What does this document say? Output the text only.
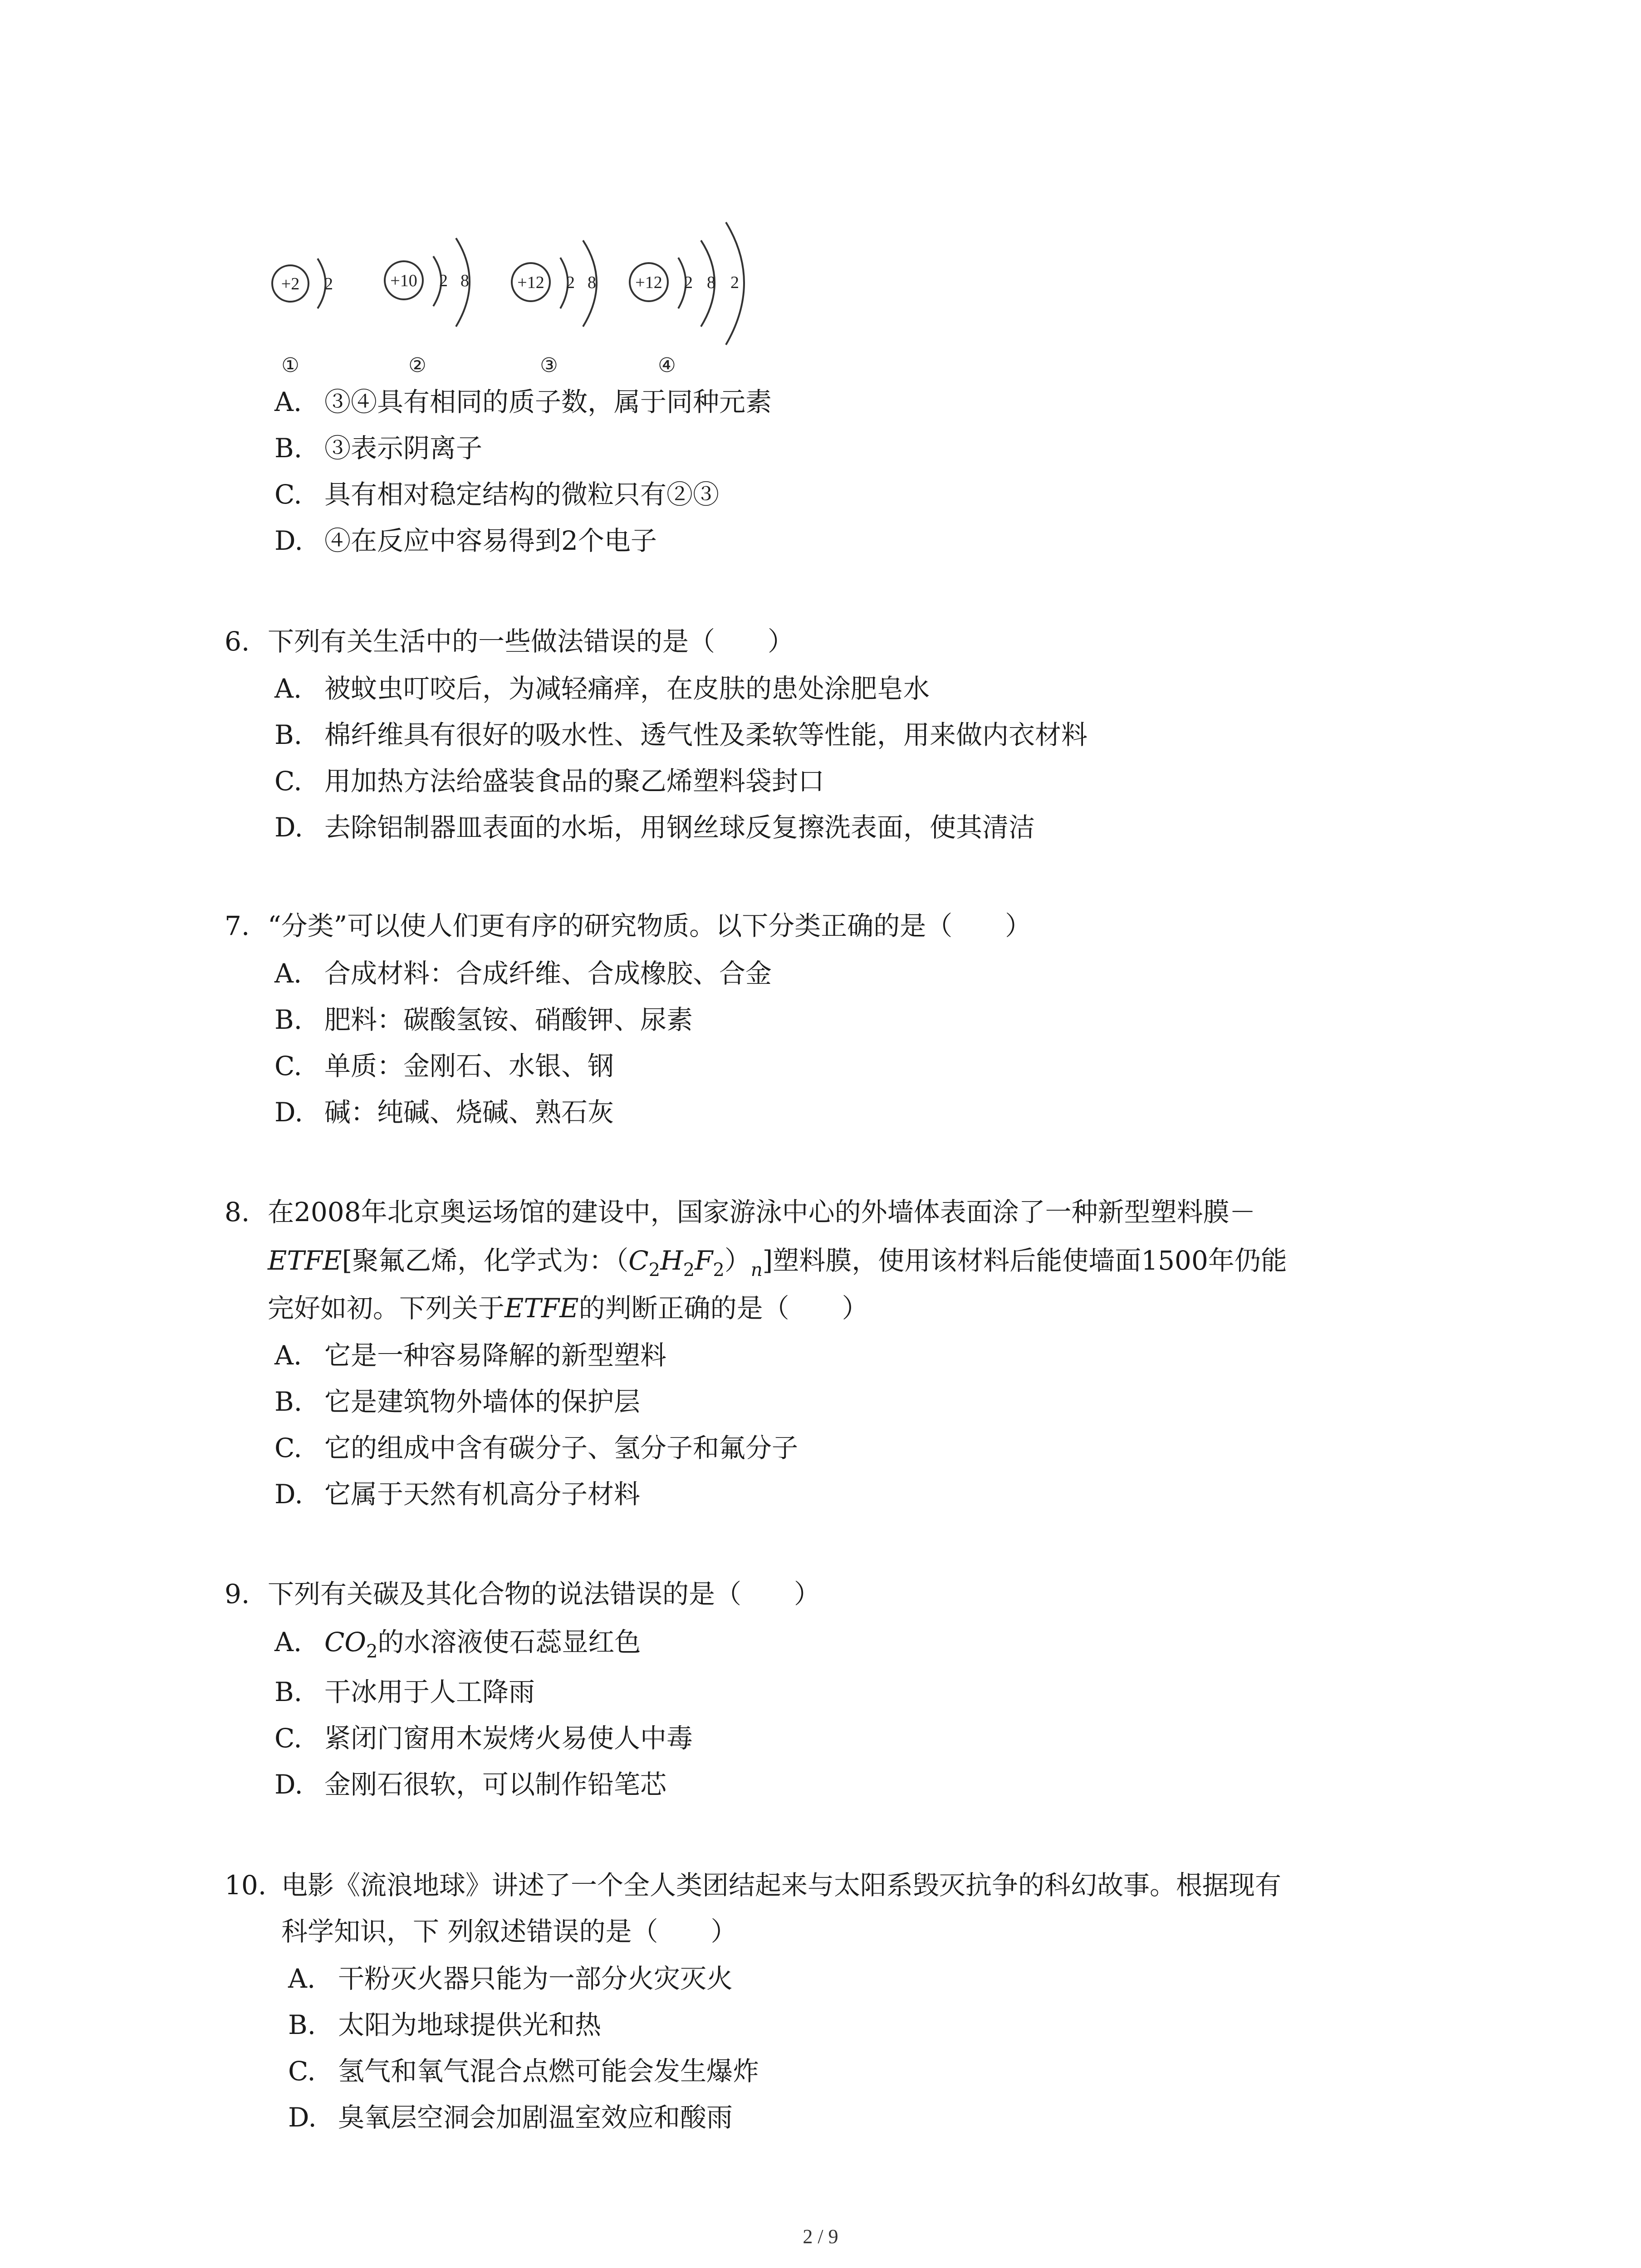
+2 2
①
+10 2 8
②
+12 2 8
③
+12 2 8 2
④
A. ③④具有相同的质子数，属于同种元素
B. ③表示阴离子
C. 具有相对稳定结构的微粒只有②③
D. ④在反应中容易得到2个电子
6. 下列有关生活中的一些做法错误的是（　　）
A. 被蚊虫叮咬后，为减轻痛痒，在皮肤的患处涂肥皂水
B. 棉纤维具有很好的吸水性、透气性及柔软等性能，用来做内衣材料
C. 用加热方法给盛装食品的聚乙烯塑料袋封口
D. 去除铝制器皿表面的水垢，用钢丝球反复擦洗表面，使其清洁
7. “分类”可以使人们更有序的研究物质。以下分类正确的是（　　）
A. 合成材料：合成纤维、合成橡胶、合金
B. 肥料：碳酸氢铵、硝酸钾、尿素
C. 单质：金刚石、水银、钢
D. 碱：纯碱、烧碱、熟石灰
8. 在2008年北京奥运场馆的建设中，国家游泳中心的外墙体表面涂了一种新型塑料膜－
ETFE[聚氟乙烯，化学式为：$(C_2H_2F_2)_n$]塑料膜，使用该材料后能使墙面1500年仍能
完好如初。下列关于ETFE的判断正确的是（　　）
A. 它是一种容易降解的新型塑料
B. 它是建筑物外墙体的保护层
C. 它的组成中含有碳分子、氢分子和氟分子
D. 它属于天然有机高分子材料
9. 下列有关碳及其化合物的说法错误的是（　　）
A. $CO_2$的水溶液使石蕊显红色
B. 干冰用于人工降雨
C. 紧闭门窗用木炭烤火易使人中毒
D. 金刚石很软，可以制作铅笔芯
10. 电影《流浪地球》讲述了一个全人类团结起来与太阳系毁灭抗争的科幻故事。根据现有
科学知识，下 列叙述错误的是（　　）
A. 干粉灭火器只能为一部分火灾灭火
B. 太阳为地球提供光和热
C. 氢气和氧气混合点燃可能会发生爆炸
D. 臭氧层空洞会加剧温室效应和酸雨
2 / 9
